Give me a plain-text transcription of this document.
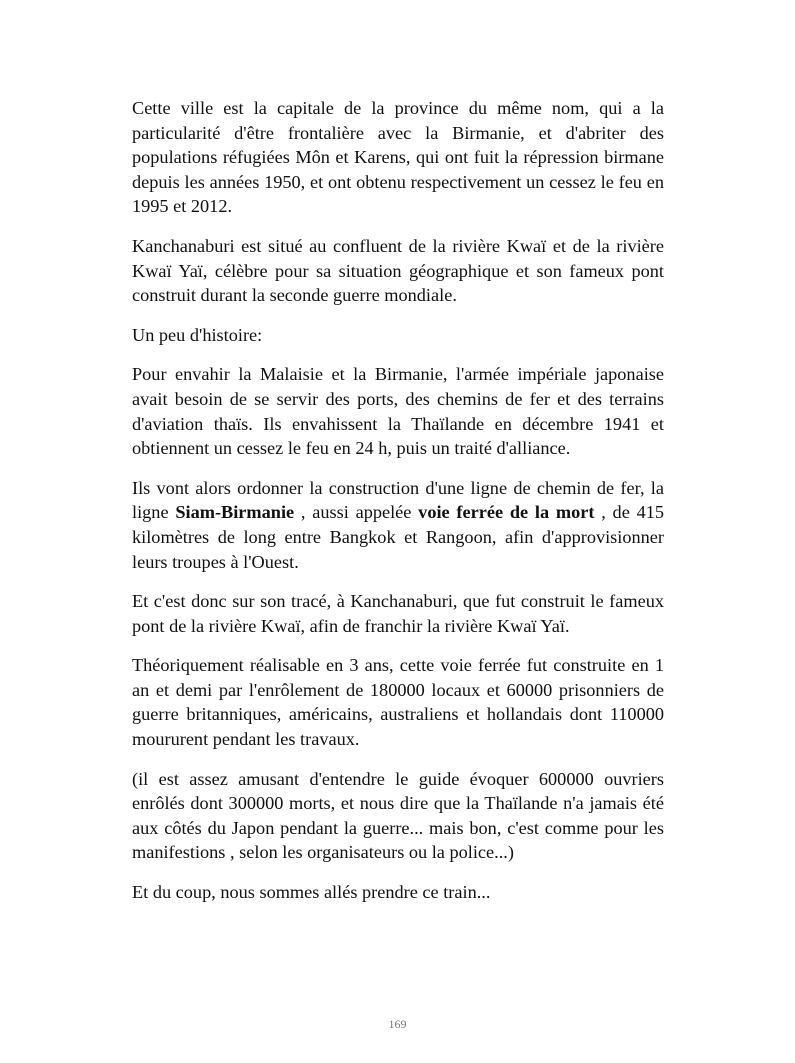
Cette ville est la capitale de la province du même nom, qui a la particularité d'être frontalière avec la Birmanie, et d'abriter des populations réfugiées Môn et Karens, qui ont fuit la répression birmane depuis les années 1950, et ont obtenu respectivement un cessez le feu en 1995 et 2012.

Kanchanaburi est situé au confluent de la rivière Kwaï et de la rivière Kwaï Yaï, célèbre pour sa situation géographique et son fameux pont construit durant la seconde guerre mondiale.

Un peu d'histoire:

Pour envahir la Malaisie et la Birmanie, l'armée impériale japonaise avait besoin de se servir des ports, des chemins de fer et des terrains d'aviation thaïs. Ils envahissent la Thaïlande en décembre 1941 et obtiennent un cessez le feu en 24 h, puis un traité d'alliance.

Ils vont alors ordonner la construction d'une ligne de chemin de fer, la ligne Siam-Birmanie , aussi appelée voie ferrée de la mort , de 415 kilomètres de long entre Bangkok et Rangoon, afin d'approvisionner leurs troupes à l'Ouest.

Et c'est donc sur son tracé, à Kanchanaburi, que fut construit le fameux pont de la rivière Kwaï, afin de franchir la rivière Kwaï Yaï.

Théoriquement réalisable en 3 ans, cette voie ferrée fut construite en 1 an et demi par l'enrôlement de 180000 locaux et 60000 prisonniers de guerre britanniques, américains, australiens et hollandais dont 110000 moururent pendant les travaux.

(il est assez amusant d'entendre le guide évoquer 600000 ouvriers enrôlés dont 300000 morts, et nous dire que la Thaïlande n'a jamais été aux côtés du Japon pendant la guerre... mais bon, c'est comme pour les manifestions , selon les organisateurs ou la police...)

Et du coup, nous sommes allés prendre ce train...

169
